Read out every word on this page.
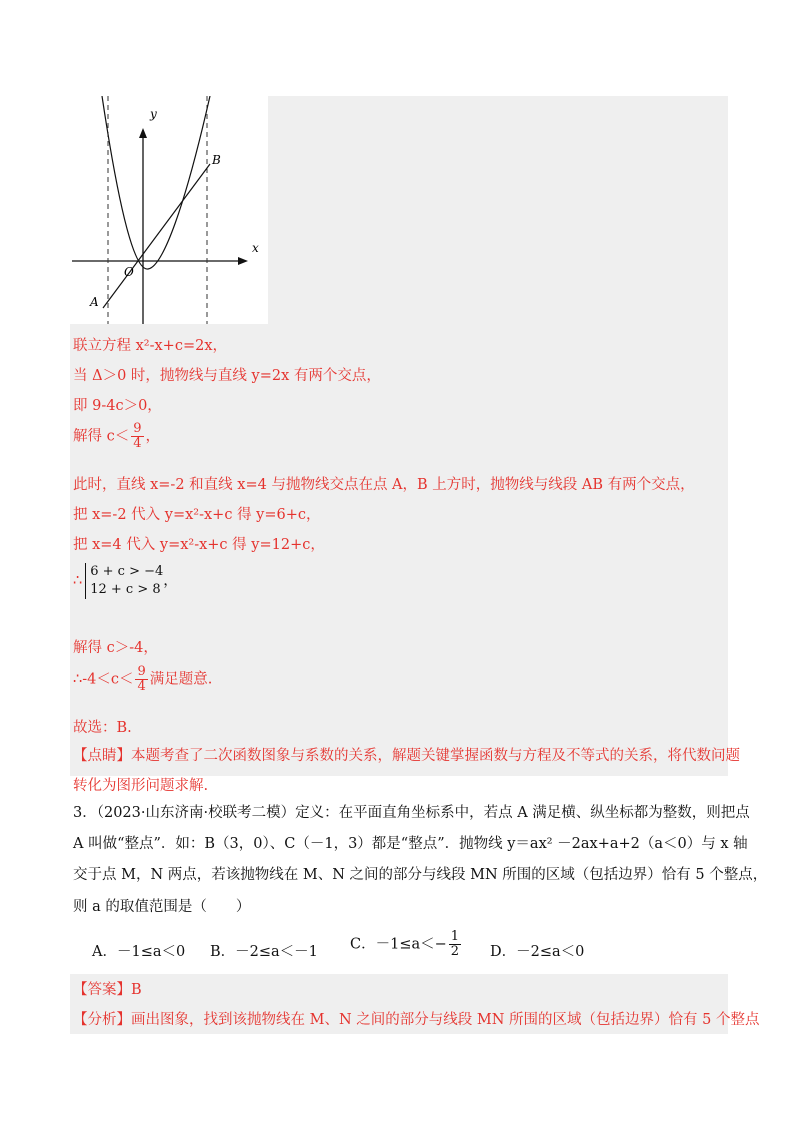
y
x
O
A
B
联立方程 x²-x+c=2x，
当 Δ＞0 时，抛物线与直线 y=2x 有两个交点，
即 9-4c＞0，
解得 $c< \frac{9}{4}$ ，
此时，直线 x=-2 和直线 x=4 与抛物线交点在点 A，B 上方时，抛物线与线段 AB 有两个交点，
把 x=-2 代入 y=x²-x+c 得 y=6+c，
把 x=4 代入 y=x²-x+c 得 y=12+c，
∴
6 + c > −4
12 + c > 8
，
解得 c＞-4，
∴-4＜c＜ $\frac{9}{4}$ 满足题意.
故选：B.
【点睛】本题考查了二次函数图象与系数的关系，解题关键掌握函数与方程及不等式的关系，将代数问题
转化为图形问题求解.
3．（2023·山东济南·校联考二模）定义：在平面直角坐标系中，若点 A 满足横、纵坐标都为整数，则把点
A 叫做“整点”．如：B（3，0）、C（－1，3）都是“整点”．抛物线 y＝ax² －2ax+a+2（a＜0）与 x 轴
交于点 M，N 两点，若该抛物线在 M、N 之间的部分与线段 MN 所围的区域（包括边界）恰有 5 个整点，
则 a 的取值范围是（　　）
A．－1≤a＜0 B．－2≤a＜－1 C．$-1\le a<- \frac{1}{2}$ D．－2≤a＜0
【答案】B
【分析】画出图象，找到该抛物线在 M、N 之间的部分与线段 MN 所围的区域（包括边界）恰有 5 个整点
